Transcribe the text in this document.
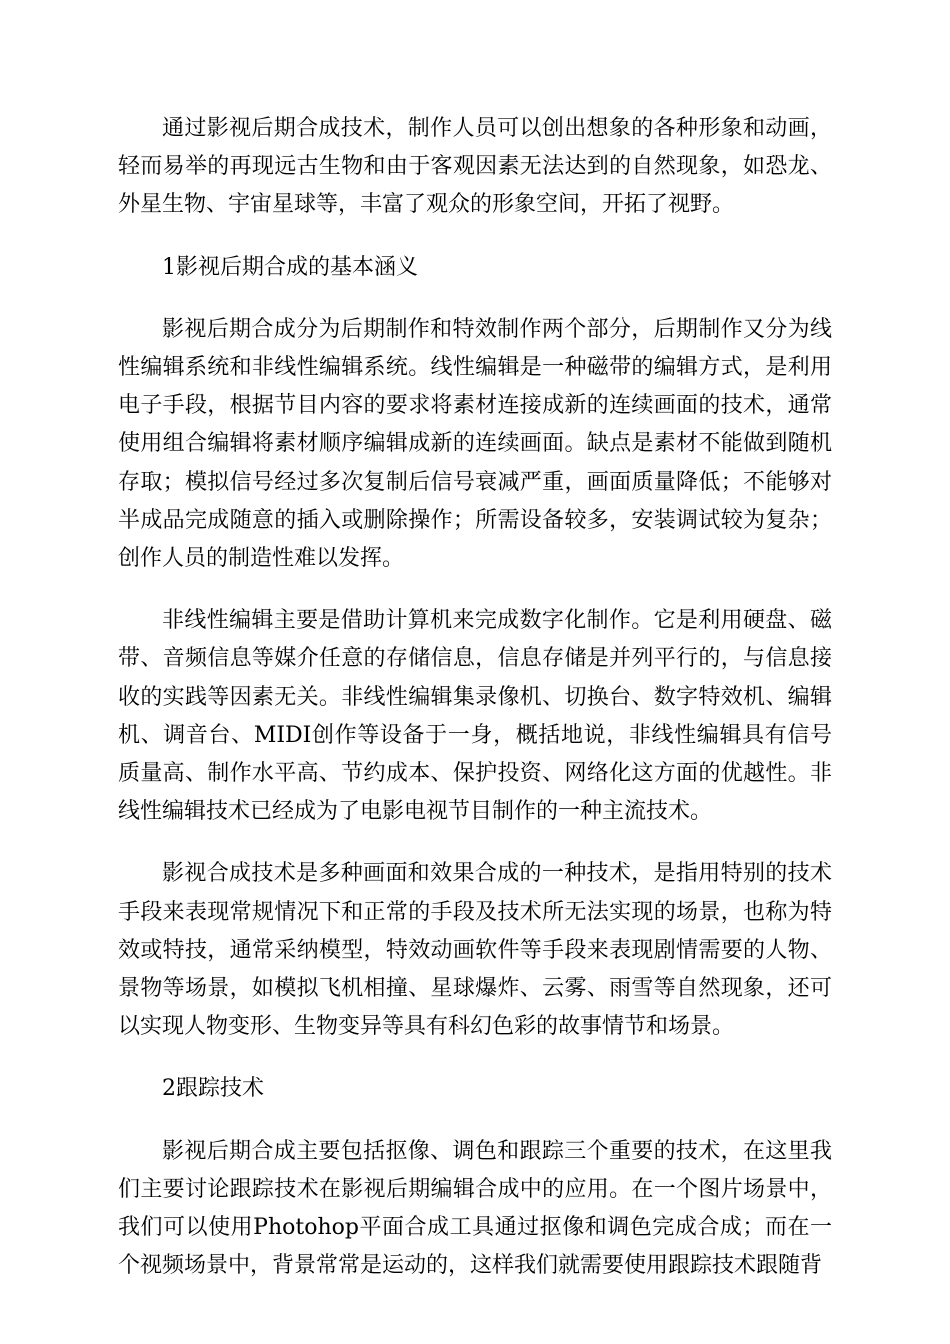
通过影视后期合成技术，制作人员可以创出想象的各种形象和动画，轻而易举的再现远古生物和由于客观因素无法达到的自然现象，如恐龙、外星生物、宇宙星球等，丰富了观众的形象空间，开拓了视野。

1影视后期合成的基本涵义

影视后期合成分为后期制作和特效制作两个部分，后期制作又分为线性编辑系统和非线性编辑系统。线性编辑是一种磁带的编辑方式，是利用电子手段，根据节目内容的要求将素材连接成新的连续画面的技术，通常使用组合编辑将素材顺序编辑成新的连续画面。缺点是素材不能做到随机存取；模拟信号经过多次复制后信号衰减严重，画面质量降低；不能够对半成品完成随意的插入或删除操作；所需设备较多，安装调试较为复杂；创作人员的制造性难以发挥。

非线性编辑主要是借助计算机来完成数字化制作。它是利用硬盘、磁带、音频信息等媒介任意的存储信息，信息存储是并列平行的，与信息接收的实践等因素无关。非线性编辑集录像机、切换台、数字特效机、编辑机、调音台、MIDI创作等设备于一身，概括地说，非线性编辑具有信号质量高、制作水平高、节约成本、保护投资、网络化这方面的优越性。非线性编辑技术已经成为了电影电视节目制作的一种主流技术。

影视合成技术是多种画面和效果合成的一种技术，是指用特别的技术手段来表现常规情况下和正常的手段及技术所无法实现的场景，也称为特效或特技，通常采纳模型，特效动画软件等手段来表现剧情需要的人物、景物等场景，如模拟飞机相撞、星球爆炸、云雾、雨雪等自然现象，还可以实现人物变形、生物变异等具有科幻色彩的故事情节和场景。

2跟踪技术

影视后期合成主要包括抠像、调色和跟踪三个重要的技术，在这里我们主要讨论跟踪技术在影视后期编辑合成中的应用。在一个图片场景中，我们可以使用Photohop平面合成工具通过抠像和调色完成合成；而在一个视频场景中，背景常常是运动的，这样我们就需要使用跟踪技术跟随背
